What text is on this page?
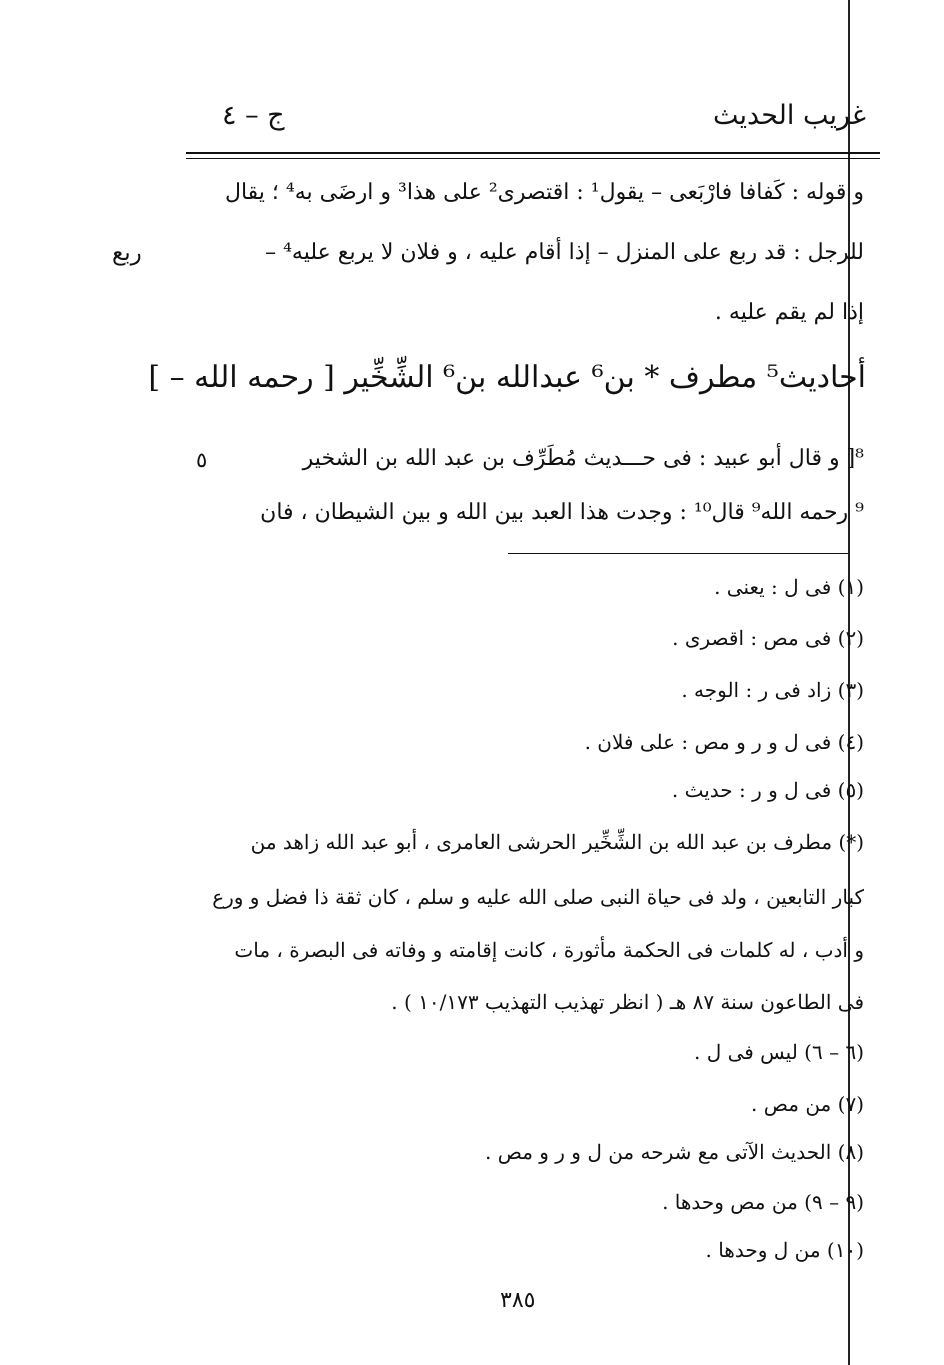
غريب الحديث
ج – ٤
و قوله : كَفافا فارْبَعى – يقول¹ : اقتصرى² على هذا³ و ارضَى به⁴ ؛ يقال
للرجل : قد ربع على المنزل – إذا أقام عليه ، و فلان لا يربع عليه⁴ –
إذا لم يقم عليه .
ربع
أحاديث⁵ مطرف * بن⁶ عبدالله بن⁶ الشِّخِّير [ رحمه الله – ]
⁸[ و قال أبو عبيد : فى حـــديث مُطَرِّف بن عبد الله بن الشخير
٥
⁹ رحمه الله⁹ قال¹⁰ : وجدت هذا العبد بين الله و بين الشيطان ، فان
(١) فى ل : يعنى .
(٢) فى مص : اقصرى .
(٣) زاد فى ر : الوجه .
(٤) فى ل و ر و مص : على فلان .
(٥) فى ل و ر : حديث .
(*) مطرف بن عبد الله بن الشِّخِّير الحرشى العامرى ، أبو عبد الله زاهد من
كبار التابعين ، ولد فى حياة النبى صلى الله عليه و سلم ، كان ثقة ذا فضل و ورع
و أدب ، له كلمات فى الحكمة مأثورة ، كانت إقامته و وفاته فى البصرة ، مات
فى الطاعون سنة ٨٧ هـ ( انظر تهذيب التهذيب ١٠/١٧٣ ) .
(٦ – ٦) ليس فى ل .
(٧) من مص .
(٨) الحديث الآتى مع شرحه من ل و ر و مص .
(٩ – ٩) من مص وحدها .
(١٠) من ل وحدها .
٣٨٥
